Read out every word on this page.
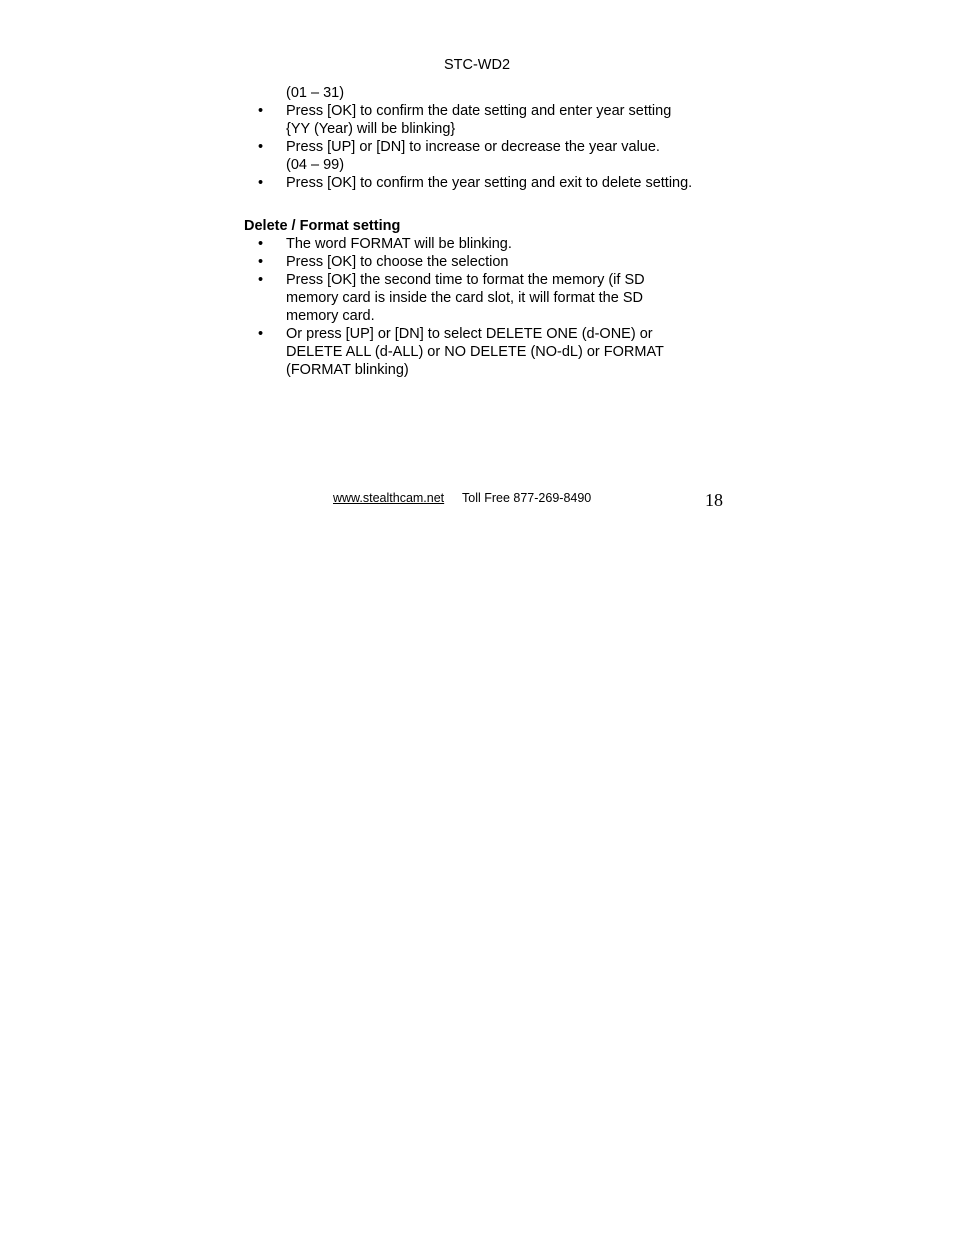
STC-WD2

(01 – 31)

• Press [OK] to confirm the date setting and enter year setting
{YY (Year) will be blinking}
• Press [UP] or [DN] to increase or decrease the year value.
(04 – 99)
• Press [OK] to confirm the year setting and exit to delete setting.
Delete / Format setting
• The word FORMAT will be blinking.
• Press [OK] to choose the selection
• Press [OK] the second time to format the memory (if SD
memory card is inside the card slot, it will format the SD
memory card.
• Or press [UP] or [DN] to select DELETE ONE (d-ONE) or
DELETE ALL (d-ALL) or NO DELETE (NO-dL) or FORMAT
(FORMAT blinking)
www.stealthcam.net Toll Free 877-269-8490	18
